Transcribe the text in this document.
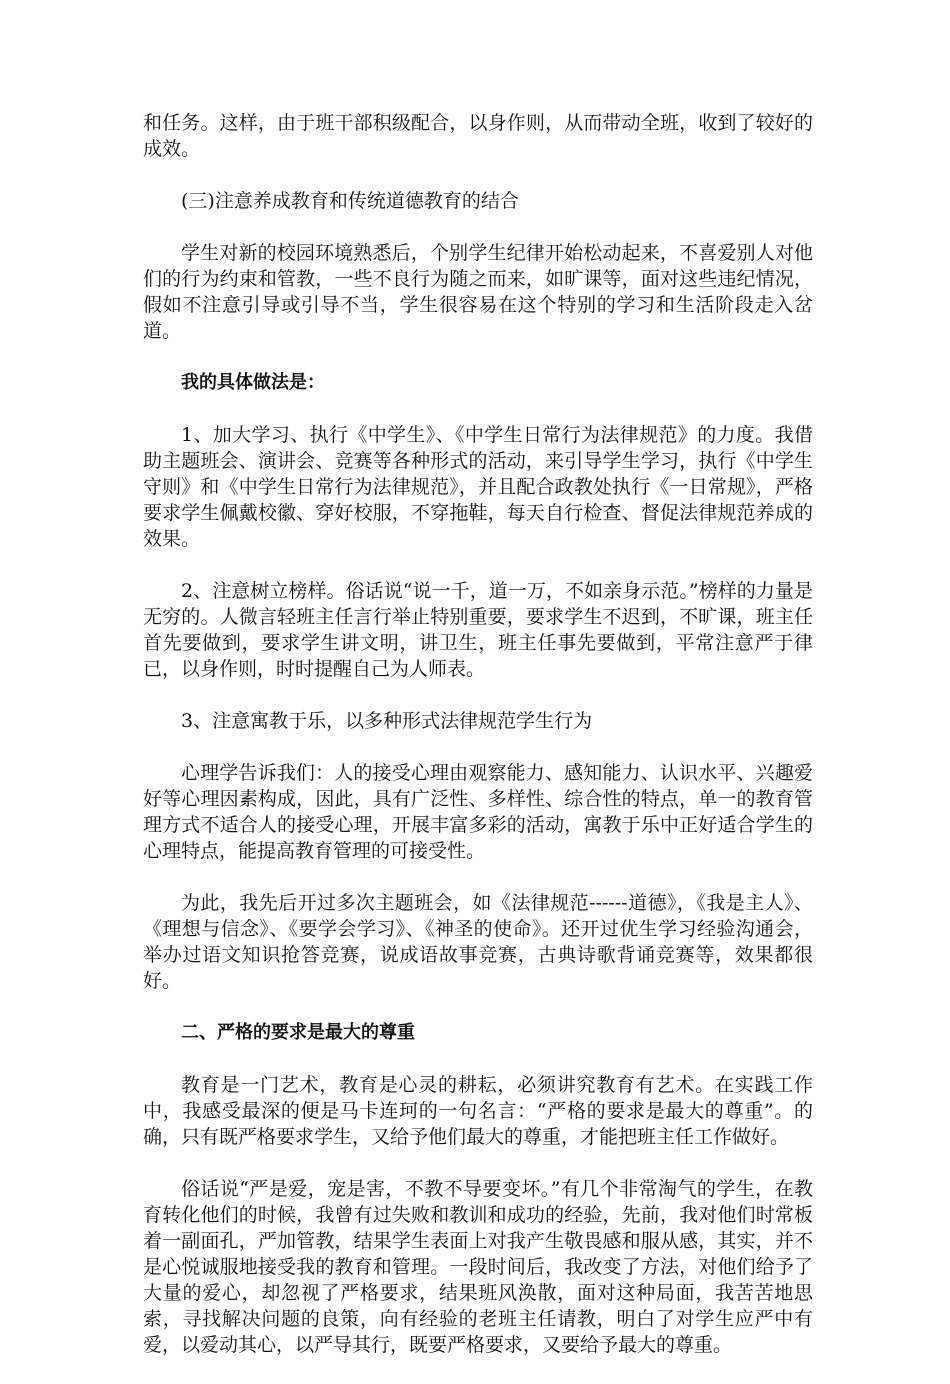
和任务。这样，由于班干部积级配合，以身作则，从而带动全班，收到了较好的成效。

(三)注意养成教育和传统道德教育的结合

学生对新的校园环境熟悉后，个别学生纪律开始松动起来，不喜爱别人对他们的行为约束和管教，一些不良行为随之而来，如旷课等，面对这些违纪情况，假如不注意引导或引导不当，学生很容易在这个特别的学习和生活阶段走入岔道。

我的具体做法是：

1、加大学习、执行《中学生》、《中学生日常行为法律规范》的力度。我借助主题班会、演讲会、竞赛等各种形式的活动，来引导学生学习，执行《中学生守则》和《中学生日常行为法律规范》，并且配合政教处执行《一日常规》，严格要求学生佩戴校徽、穿好校服，不穿拖鞋，每天自行检查、督促法律规范养成的效果。

2、注意树立榜样。俗话说“说一千，道一万，不如亲身示范。”榜样的力量是无穷的。人微言轻班主任言行举止特别重要，要求学生不迟到，不旷课，班主任首先要做到，要求学生讲文明，讲卫生，班主任事先要做到，平常注意严于律已，以身作则，时时提醒自己为人师表。

3、注意寓教于乐，以多种形式法律规范学生行为

心理学告诉我们：人的接受心理由观察能力、感知能力、认识水平、兴趣爱好等心理因素构成，因此，具有广泛性、多样性、综合性的特点，单一的教育管理方式不适合人的接受心理，开展丰富多彩的活动，寓教于乐中正好适合学生的心理特点，能提高教育管理的可接受性。

为此，我先后开过多次主题班会，如《法律规范------道德》，《我是主人》、《理想与信念》、《要学会学习》、《神圣的使命》。还开过优生学习经验沟通会，举办过语文知识抢答竞赛，说成语故事竞赛，古典诗歌背诵竞赛等，效果都很好。

二、严格的要求是最大的尊重

教育是一门艺术，教育是心灵的耕耘，必须讲究教育有艺术。在实践工作中，我感受最深的便是马卡连珂的一句名言：“严格的要求是最大的尊重”。的确，只有既严格要求学生，又给予他们最大的尊重，才能把班主任工作做好。

俗话说“严是爱，宠是害，不教不导要变坏。”有几个非常淘气的学生，在教育转化他们的时候，我曾有过失败和教训和成功的经验，先前，我对他们时常板着一副面孔，严加管教，结果学生表面上对我产生敬畏感和服从感，其实，并不是心悦诚服地接受我的教育和管理。一段时间后，我改变了方法，对他们给予了大量的爱心，却忽视了严格要求，结果班风涣散，面对这种局面，我苦苦地思索，寻找解决问题的良策，向有经验的老班主任请教，明白了对学生应严中有爱，以爱动其心，以严导其行，既要严格要求，又要给予最大的尊重。
